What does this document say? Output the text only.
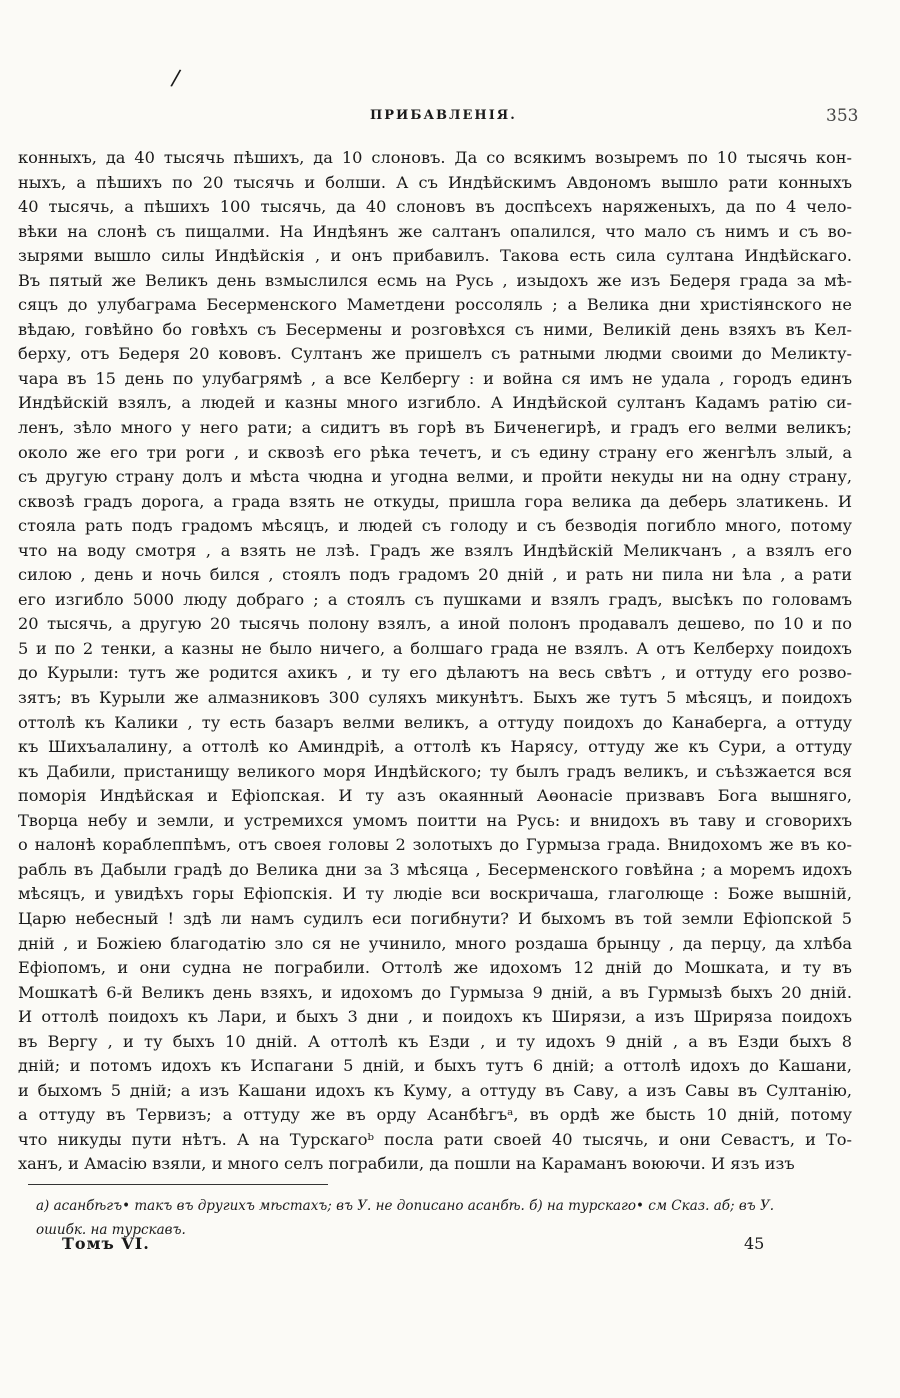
/
ПРИБАВЛЕНІЯ.	353
конныхъ, да 40 тысячь пѣшихъ, да 10 слоновъ. Да со всякимъ возыремъ по 10 тысячь кон-
ныхъ, а пѣшихъ по 20 тысячь и болши. А съ Индѣйскимъ Авдономъ вышло рати конныхъ
40 тысячь, а пѣшихъ 100 тысячь, да 40 слоновъ въ доспѣсехъ наряженыхъ, да по 4 чело-
вѣки на слонѣ съ пищалми. На Индѣянъ же салтанъ опалился, что мало съ нимъ и съ во-
зырями вышло силы Индѣйскія , и онъ прибавилъ. Такова есть сила султана Индѣйскаго.
Въ пятый же Великъ день взмыслился есмь на Русь , изыдохъ же изъ Бедеря града за мѣ-
сяцъ до улубаграма Бесерменского Маметдени россоляль ; а Велика дни христіянского не
вѣдаю, говѣйно бо говѣхъ съ Бесермены и розговѣхся съ ними, Великій день взяхъ въ Кел-
берху, отъ Бедеря 20 кововъ. Султанъ же пришелъ съ ратными людми своими до Меликту-
чара въ 15 день по улубагрямѣ , а все Келбергу : и война ся имъ не удала , городъ единъ
Индѣйскій взялъ, а людей и казны много изгибло. А Индѣйской султанъ Кадамъ ратію си-
ленъ, зѣло много у него рати; а сидитъ въ горѣ въ Биченегирѣ, и градъ его велми великъ;
около же его три роги , и сквозѣ его рѣка течетъ, и съ едину страну его женгѣлъ злый, а
съ другую страну долъ и мѣста чюдна и угодна велми, и пройти некуды ни на одну страну,
сквозѣ градъ дорога, а града взять не откуды, пришла гора велика да деберь златикень. И
стояла рать подъ градомъ мѣсяцъ, и людей съ голоду и съ безводія погибло много, потому
что на воду смотря , а взять не лзѣ. Градъ же взялъ Индѣйскій Меликчанъ , а взялъ его
силою , день и ночь бился , стоялъ подъ градомъ 20 дній , и рать ни пила ни ѣла , а рати
его изгибло 5000 люду добраго ; а стоялъ съ пушками и взялъ градъ, высѣкъ по головамъ
20 тысячь, а другую 20 тысячь полону взялъ, а иной полонъ продавалъ дешево, по 10 и по
5 и по 2 тенки, а казны не было ничего, а болшаго града не взялъ. А отъ Келберху поидохъ
до Курыли: тутъ же родится ахикъ , и ту его дѣлаютъ на весь свѣтъ , и оттуду его розво-
зятъ; въ Курыли же алмазниковъ 300 суляхъ микунѣтъ. Быхъ же тутъ 5 мѣсяцъ, и поидохъ
оттолѣ къ Калики , ту есть базаръ велми великъ, а оттуду поидохъ до Канаберга, а оттуду
къ Шихъалалину, а оттолѣ ко Аминдріѣ, а оттолѣ къ Нарясу, оттуду же къ Сури, а оттуду
къ Дабили, пристанищу великого моря Индѣйского; ту былъ градъ великъ, и съѣзжается вся
поморія Индѣйская и Ефіопская. И ту азъ окаянный Аөонасіе призвавъ Бога вышняго,
Творца небу и земли, и устремихся умомъ поитти на Русь: и внидохъ въ таву и сговорихъ
о налонѣ кораблеппѣмъ, отъ своея головы 2 золотыхъ до Гурмыза града. Внидохомъ же въ ко-
рабль въ Дабыли градѣ до Велика дни за 3 мѣсяца , Бесерменского говѣйна ; а моремъ идохъ
мѣсяцъ, и увидѣхъ горы Ефіопскія. И ту людіе вси воскричаша, глаголюще : Боже вышній,
Царю небесный ! здѣ ли намъ судилъ еси погибнути? И быхомъ въ той земли Ефіопской 5
дній , и Божіею благодатію зло ся не учинило, много роздаша брынцу , да перцу, да хлѣба
Ефіопомъ, и они судна не пограбили. Оттолѣ же идохомъ 12 дній до Мошката, и ту въ
Мошкатѣ 6-й Великъ день взяхъ, и идохомъ до Гурмыза 9 дній, а въ Гурмызѣ быхъ 20 дній.
И оттолѣ поидохъ къ Лари, и быхъ 3 дни , и поидохъ къ Ширязи, а изъ Шриряза поидохъ
въ Вергу , и ту быхъ 10 дній. А оттолѣ къ Езди , и ту идохъ 9 дній , а въ Езди быхъ 8
дній; и потомъ идохъ къ Испагани 5 дній, и быхъ тутъ 6 дній; а оттолѣ идохъ до Кашани,
и быхомъ 5 дній; а изъ Кашани идохъ къ Куму, а оттуду въ Саву, а изъ Савы въ Султанію,
а оттуду въ Тервизъ; а оттуду же въ орду Асанбѣгъᵃ, въ ордѣ же бысть 10 дній, потому
что никуды пути нѣтъ. А на Турскагоᵇ посла рати своей 40 тысячь, и они Севастъ, и То-
ханъ, и Амасію взяли, и много селъ пограбили, да пошли на Караманъ воюючи. И язъ изъ
а) асанбѣгъ• такъ въ другихъ мѣстахъ; въ У. не дописано асанбѣ. б) на турскаго• см Сказ. аб; въ У.
ошибк. на турскавъ.
Томъ VI.	45
